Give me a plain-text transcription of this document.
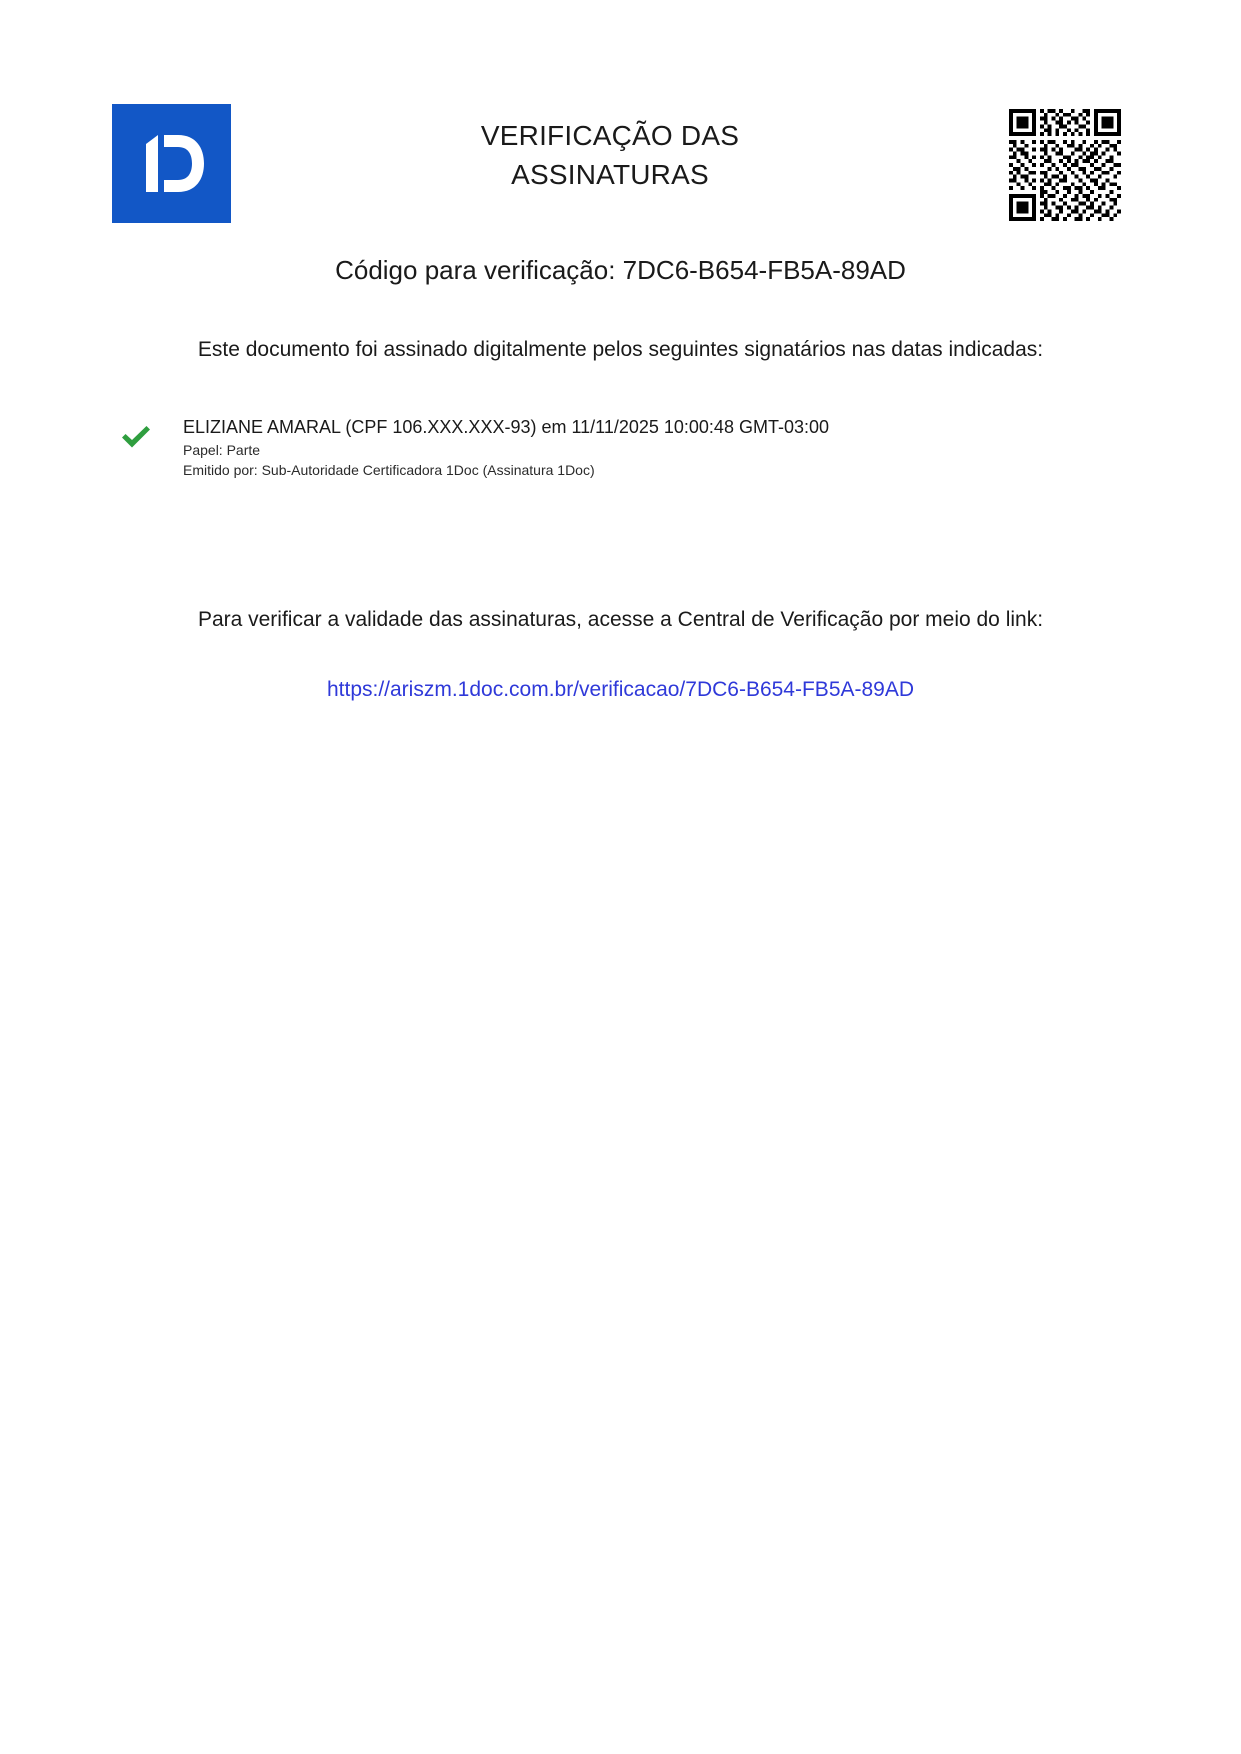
VERIFICAÇÃO DAS
ASSINATURAS
Código para verificação: 7DC6-B654-FB5A-89AD
Este documento foi assinado digitalmente pelos seguintes signatários nas datas indicadas:
ELIZIANE AMARAL (CPF 106.XXX.XXX-93) em 11/11/2025 10:00:48 GMT-03:00
Papel: Parte
Emitido por: Sub-Autoridade Certificadora 1Doc (Assinatura 1Doc)
Para verificar a validade das assinaturas, acesse a Central de Verificação por meio do link:
https://ariszm.1doc.com.br/verificacao/7DC6-B654-FB5A-89AD
